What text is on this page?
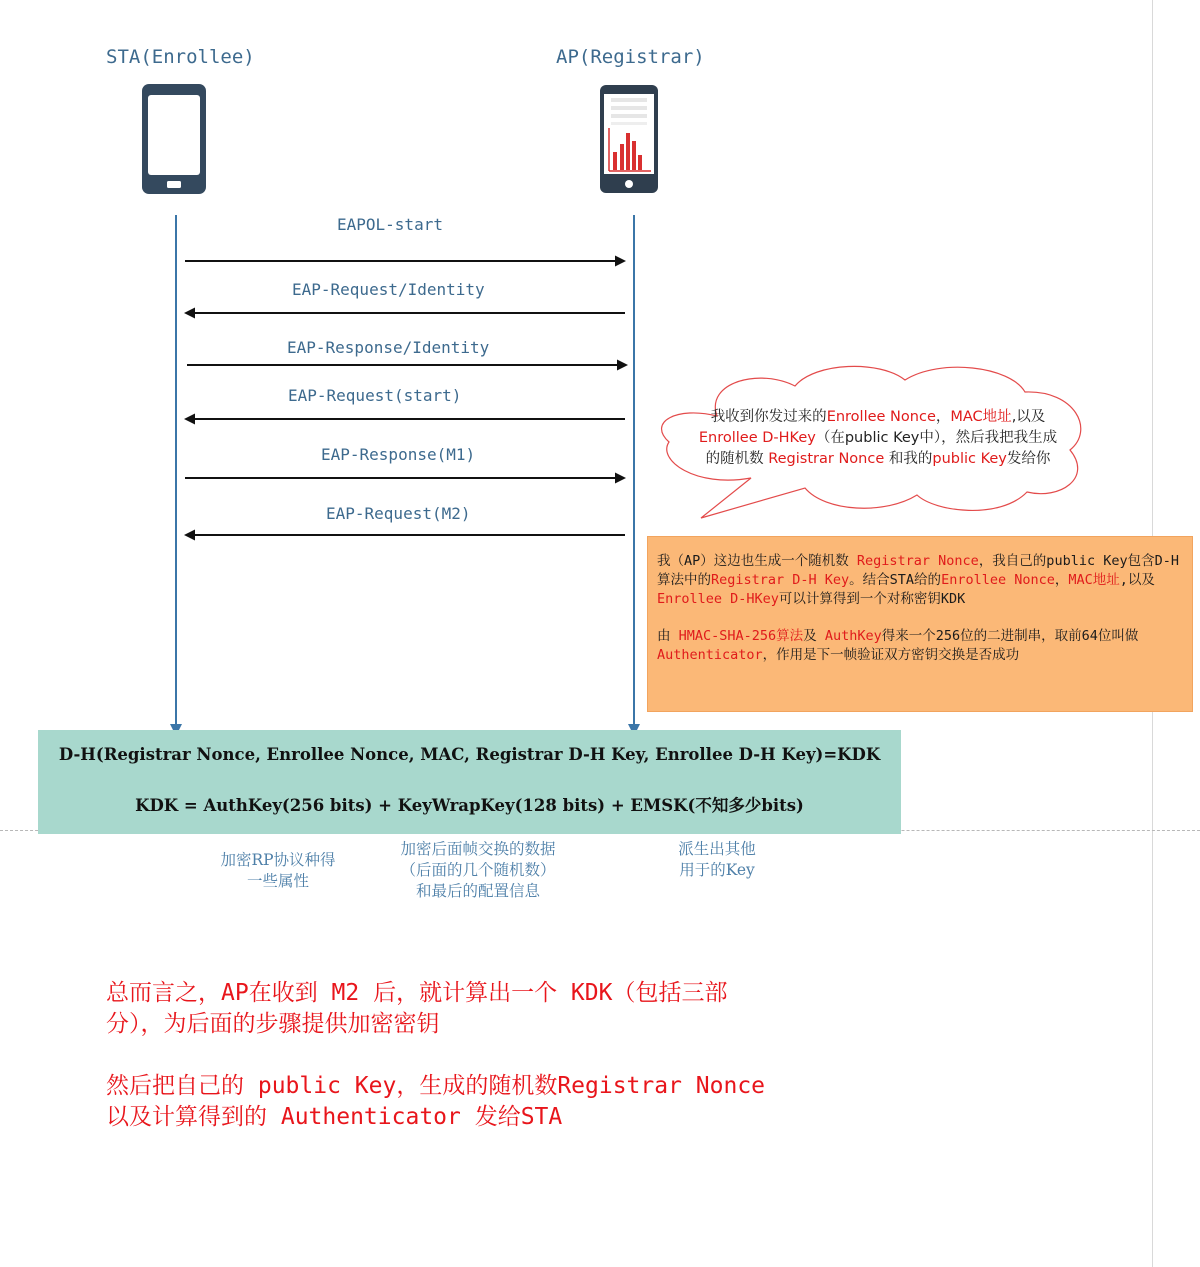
STA(Enrollee)	AP(Registrar)
EAPOL-start
EAP-Request/Identity
EAP-Response/Identity
EAP-Request(start)
EAP-Response(M1)
EAP-Request(M2)
我收到你发过来的Enrollee Nonce，MAC地址,以及
Enrollee D-HKey（在public Key中），然后我把我生成
的随机数 Registrar Nonce 和我的public Key发给你

我（AP）这边也生成一个随机数 Registrar Nonce，我自己的public Key包含D-H算法中的Registrar D-H Key。结合STA给的Enrollee Nonce，MAC地址,以及Enrollee D-HKey可以计算得到一个对称密钥KDK

由 HMAC-SHA-256算法及 AuthKey得来一个256位的二进制串，取前64位叫做 Authenticator，作用是下一帧验证双方密钥交换是否成功

D-H(Registrar Nonce, Enrollee Nonce, MAC, Registrar D-H Key, Enrollee D-H Key)=KDK
KDK = AuthKey(256 bits) + KeyWrapKey(128 bits) + EMSK(不知多少bits)
加密RP协议种得
一些属性
加密后面帧交换的数据
（后面的几个随机数）
和最后的配置信息
派生出其他
用于的Key
总而言之，AP在收到 M2 后，就计算出一个 KDK（包括三部
分），为后面的步骤提供加密密钥
然后把自己的 public Key，生成的随机数Registrar Nonce
以及计算得到的 Authenticator 发给STA
